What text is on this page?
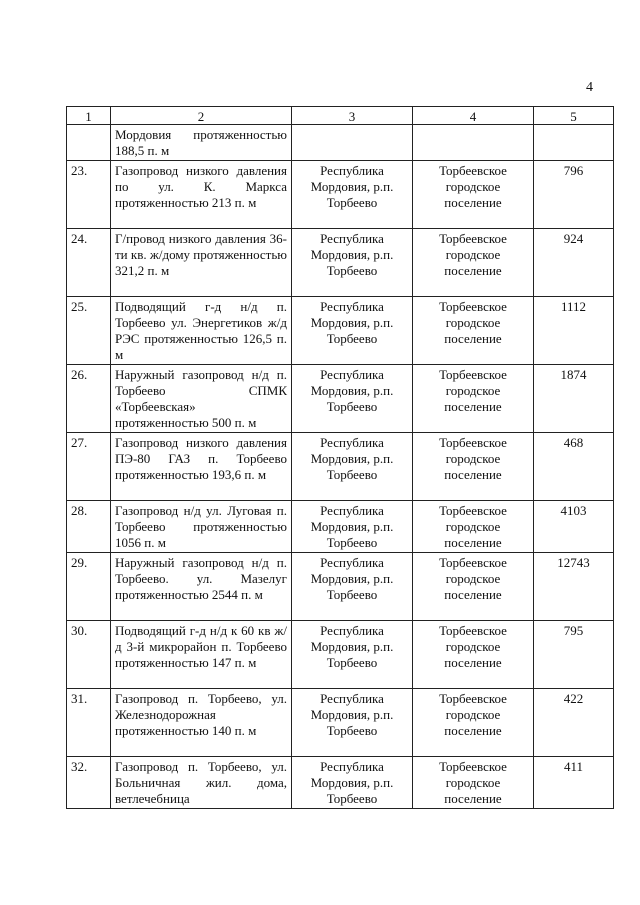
4
1	2	3	4	5
	Мордовия протяженностью 188,5 п. м			
23.	Газопровод низкого давления по ул. К. Маркса протяженностью 213 п. м	Республика Мордовия, р.п. Торбеево	Торбеевское городское поселение	796
24.	Г/провод низкого давления 36-ти кв. ж/дому протяженностью 321,2 п. м	Республика Мордовия, р.п. Торбеево	Торбеевское городское поселение	924
25.	Подводящий г-д н/д п. Торбеево ул. Энергетиков ж/д РЭС протяженностью 126,5 п. м	Республика Мордовия, р.п. Торбеево	Торбеевское городское поселение	1112
26.	Наружный газопровод н/д п. Торбеево СПМК «Торбеевская» протяженностью 500 п. м	Республика Мордовия, р.п. Торбеево	Торбеевское городское поселение	1874
27.	Газопровод низкого давления ПЭ-80 ГАЗ п. Торбеево протяженностью 193,6 п. м	Республика Мордовия, р.п. Торбеево	Торбеевское городское поселение	468
28.	Газопровод н/д ул. Луговая п. Торбеево протяженностью 1056 п. м	Республика Мордовия, р.п. Торбеево	Торбеевское городское поселение	4103
29.	Наружный газопровод н/д п. Торбеево. ул. Мазелуг протяженностью 2544 п. м	Республика Мордовия, р.п. Торбеево	Торбеевское городское поселение	12743
30.	Подводящий г-д н/д к 60 кв ж/д 3-й микрорайон п. Торбеево протяженностью 147 п. м	Республика Мордовия, р.п. Торбеево	Торбеевское городское поселение	795
31.	Газопровод п. Торбеево, ул. Железнодорожная протяженностью 140 п. м	Республика Мордовия, р.п. Торбеево	Торбеевское городское поселение	422
32.	Газопровод п. Торбеево, ул. Больничная жил. дома, ветлечебница	Республика Мордовия, р.п. Торбеево	Торбеевское городское поселение	411
